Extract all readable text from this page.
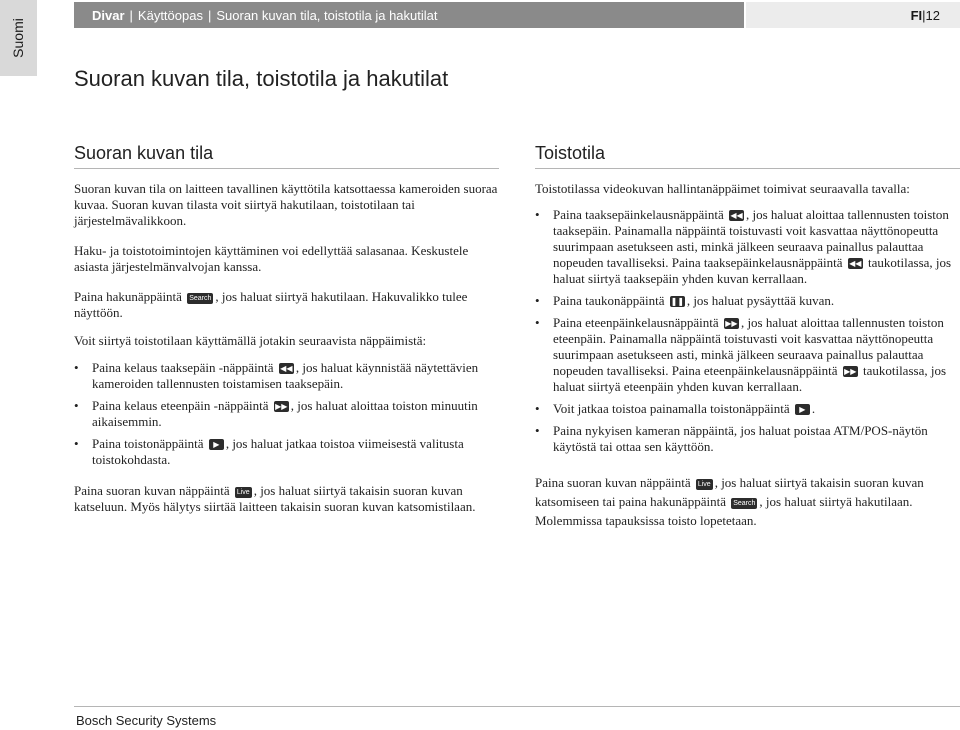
Suomi
Divar | Käyttöopas | Suoran kuvan tila, toistotila ja hakutilat	FI | 12
Suoran kuvan tila, toistotila ja hakutilat
Suoran kuvan tila

Suoran kuvan tila on laitteen tavallinen käyttötila katsottaessa kameroiden suoraa kuvaa. Suoran kuvan tilasta voit siirtyä hakutilaan, toistotilaan tai järjestelmävalikkoon.

Haku- ja toistotoimintojen käyttäminen voi edellyttää salasanaa. Keskustele asiasta järjestelmänvalvojan kanssa.

Paina hakunäppäintä Search , jos haluat siirtyä hakutilaan. Hakuvalikko tulee näyttöön.

Voit siirtyä toistotilaan käyttämällä jotakin seuraavista näppäimistä:

• Paina kelaus taaksepäin -näppäintä ◀◀ , jos haluat käynnistää näytettävien kameroiden tallennusten toistamisen taaksepäin.
• Paina kelaus eteenpäin -näppäintä ▶▶ , jos haluat aloittaa toiston minuutin aikaisemmin.
• Paina toistonäppäintä ▶ , jos haluat jatkaa toistoa viimeisestä valitusta toistokohdasta.

Paina suoran kuvan näppäintä Live , jos haluat siirtyä takaisin suoran kuvan katseluun. Myös hälytys siirtää laitteen takaisin suoran kuvan katsomistilaan.

Toistotila

Toistotilassa videokuvan hallintanäppäimet toimivat seuraavalla tavalla:

• Paina taaksepäinkelausnäppäintä ◀◀ , jos haluat aloittaa tallennusten toiston taaksepäin. Painamalla näppäintä toistuvasti voit kasvattaa näyttönopeutta suurimpaan asetukseen asti, minkä jälkeen seuraava painallus palauttaa nopeuden tavalliseksi. Paina taaksepäinkelausnäppäintä ◀◀ taukotilassa, jos haluat siirtyä taaksepäin yhden kuvan kerrallaan.
• Paina taukonäppäintä ❚❚ , jos haluat pysäyttää kuvan.
• Paina eteenpäinkelausnäppäintä ▶▶ , jos haluat aloittaa tallennusten toiston eteenpäin. Painamalla näppäintä toistuvasti voit kasvattaa näyttönopeutta suurimpaan asetukseen asti, minkä jälkeen seuraava painallus palauttaa nopeuden tavalliseksi. Paina eteenpäinkelausnäppäintä ▶▶ taukotilassa, jos haluat siirtyä eteenpäin yhden kuvan kerrallaan.
• Voit jatkaa toistoa painamalla toistonäppäintä ▶ .
• Paina nykyisen kameran näppäintä, jos haluat poistaa ATM/POS-näytön käytöstä tai ottaa sen käyttöön.

Paina suoran kuvan näppäintä Live , jos haluat siirtyä takaisin suoran kuvan katsomiseen tai paina hakunäppäintä Search , jos haluat siirtyä hakutilaan. Molemmissa tapauksissa toisto lopetetaan.

Bosch Security Systems
